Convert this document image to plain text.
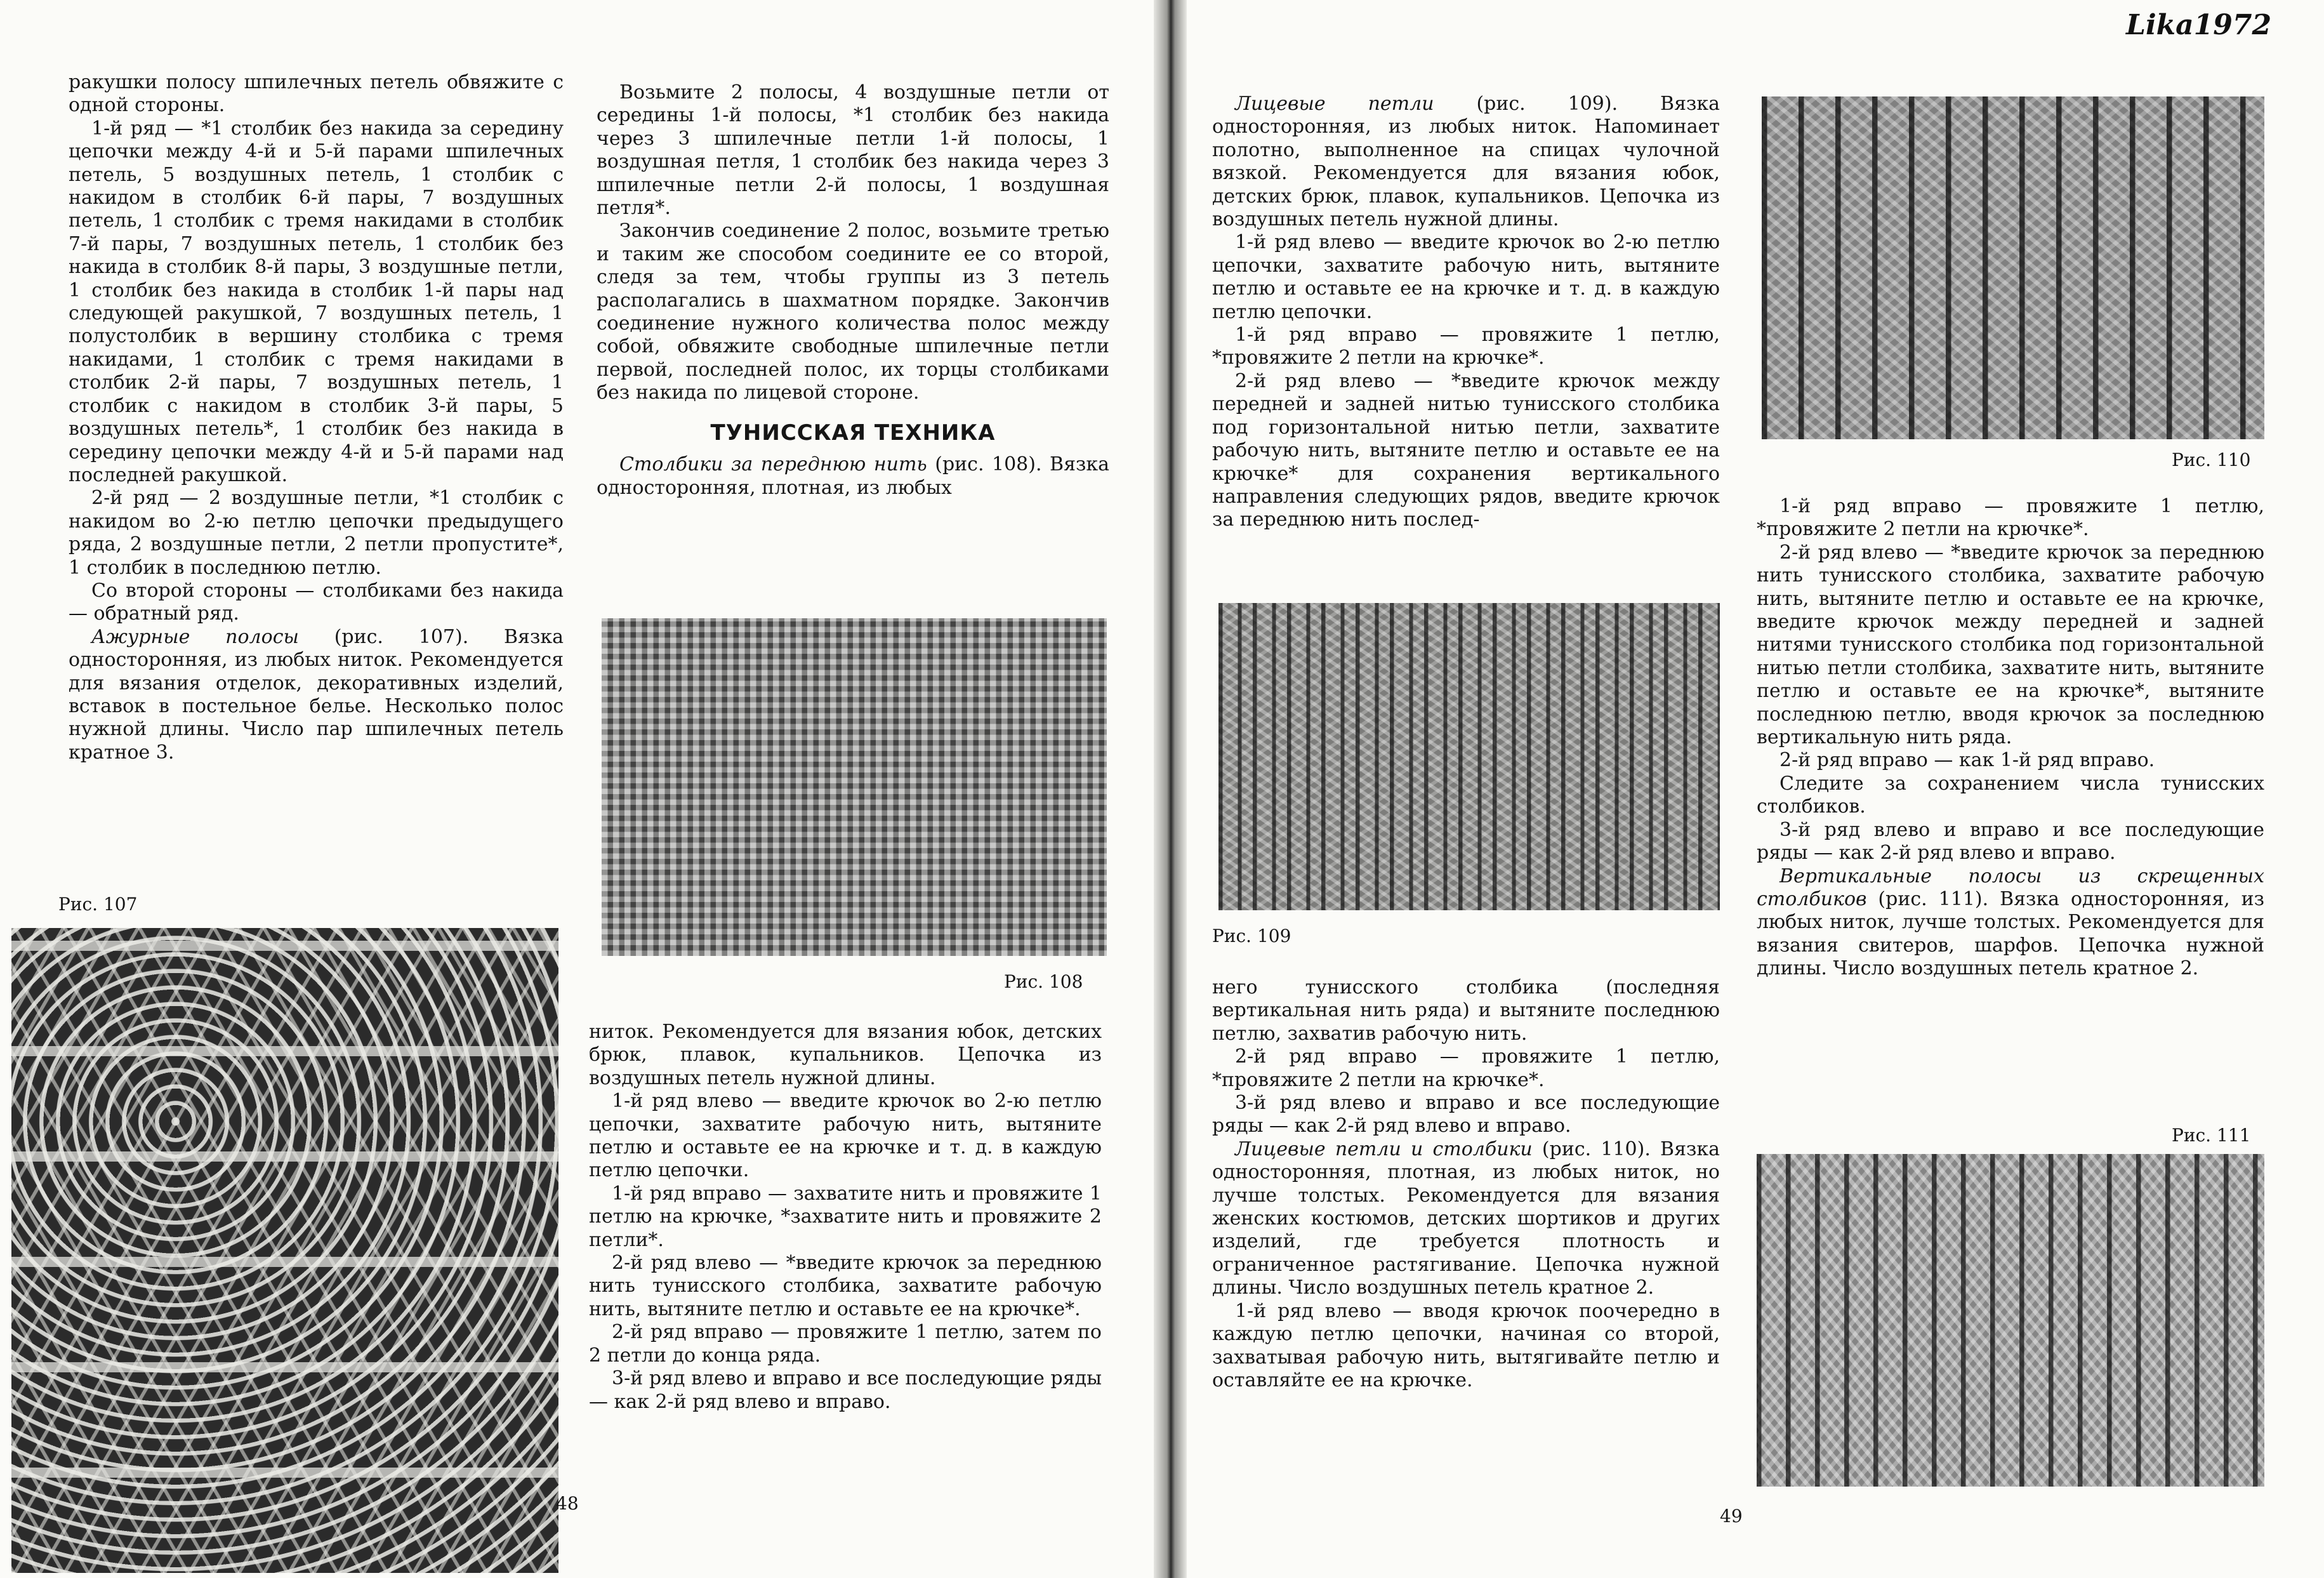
ракушки полосу шпилечных петель обвяжите с одной стороны.

1-й ряд — *1 столбик без накида за середину цепочки между 4-й и 5-й парами шпилечных петель, 5 воздушных петель, 1 столбик с накидом в столбик 6-й пары, 7 воздушных петель, 1 столбик с тремя накидами в столбик 7-й пары, 7 воздушных петель, 1 столбик без накида в столбик 8-й пары, 3 воздушные петли, 1 столбик без накида в столбик 1-й пары над следующей ракушкой, 7 воздушных петель, 1 полустолбик в вершину столбика с тремя накидами, 1 столбик с тремя накидами в столбик 2-й пары, 7 воздушных петель, 1 столбик с накидом в столбик 3-й пары, 5 воздушных петель*, 1 столбик без накида в середину цепочки между 4-й и 5-й парами над последней ракушкой.

2-й ряд — 2 воздушные петли, *1 столбик с накидом во 2-ю петлю цепочки предыдущего ряда, 2 воздушные петли, 2 петли пропустите*, 1 столбик в последнюю петлю.

Со второй стороны — столбиками без накида — обратный ряд.

Ажурные полосы (рис. 107). Вязка односторонняя, из любых ниток. Рекомендуется для вязания отделок, декоративных изделий, вставок в постельное белье. Несколько полос нужной длины. Число пар шпилечных петель кратное 3.

Рис. 107

Возьмите 2 полосы, 4 воздушные петли от середины 1-й полосы, *1 столбик без накида через 3 шпилечные петли 1-й полосы, 1 воздушная петля, 1 столбик без накида через 3 шпилечные петли 2-й полосы, 1 воздушная петля*.

Закончив соединение 2 полос, возьмите третью и таким же способом соедините ее со второй, следя за тем, чтобы группы из 3 петель располагались в шахматном порядке. Закончив соединение нужного количества полос между собой, обвяжите свободные шпилечные петли первой, последней полос, их торцы столбиками без накида по лицевой стороне.

ТУНИССКАЯ ТЕХНИКА

Столбики за переднюю нить (рис. 108). Вязка односторонняя, плотная, из любых

Рис. 108

ниток. Рекомендуется для вязания юбок, детских брюк, плавок, купальников. Цепочка из воздушных петель нужной длины.

1-й ряд влево — введите крючок во 2-ю петлю цепочки, захватите рабочую нить, вытяните петлю и оставьте ее на крючке и т. д. в каждую петлю цепочки.

1-й ряд вправо — захватите нить и провяжите 1 петлю на крючке, *захватите нить и провяжите 2 петли*.

2-й ряд влево — *введите крючок за переднюю нить тунисского столбика, захватите рабочую нить, вытяните петлю и оставьте ее на крючке*.

2-й ряд вправо — провяжите 1 петлю, затем по 2 петли до конца ряда.

3-й ряд влево и вправо и все последующие ряды — как 2-й ряд влево и вправо.

48
Lika1972

Лицевые петли (рис. 109). Вязка односторонняя, из любых ниток. Напоминает полотно, выполненное на спицах чулочной вязкой. Рекомендуется для вязания юбок, детских брюк, плавок, купальников. Цепочка из воздушных петель нужной длины.

1-й ряд влево — введите крючок во 2-ю петлю цепочки, захватите рабочую нить, вытяните петлю и оставьте ее на крючке и т. д. в каждую петлю цепочки.

1-й ряд вправо — провяжите 1 петлю, *провяжите 2 петли на крючке*.

2-й ряд влево — *введите крючок между передней и задней нитью тунисского столбика под горизонтальной нитью петли, захватите рабочую нить, вытяните петлю и оставьте ее на крючке* для сохранения вертикального направления следующих рядов, введите крючок за переднюю нить послед-

Рис. 109

него тунисского столбика (последняя вертикальная нить ряда) и вытяните последнюю петлю, захватив рабочую нить.

2-й ряд вправо — провяжите 1 петлю, *провяжите 2 петли на крючке*.

3-й ряд влево и вправо и все последующие ряды — как 2-й ряд влево и вправо.

Лицевые петли и столбики (рис. 110). Вязка односторонняя, плотная, из любых ниток, но лучше толстых. Рекомендуется для вязания женских костюмов, детских шортиков и других изделий, где требуется плотность и ограниченное растягивание. Цепочка нужной длины. Число воздушных петель кратное 2.

1-й ряд влево — вводя крючок поочередно в каждую петлю цепочки, начиная со второй, захватывая рабочую нить, вытягивайте петлю и оставляйте ее на крючке.

Рис. 110

1-й ряд вправо — провяжите 1 петлю, *провяжите 2 петли на крючке*.

2-й ряд влево — *введите крючок за переднюю нить тунисского столбика, захватите рабочую нить, вытяните петлю и оставьте ее на крючке, введите крючок между передней и задней нитями тунисского столбика под горизонтальной нитью петли столбика, захватите нить, вытяните петлю и оставьте ее на крючке*, вытяните последнюю петлю, вводя крючок за последнюю вертикальную нить ряда.

2-й ряд вправо — как 1-й ряд вправо.

Следите за сохранением числа тунисских столбиков.

3-й ряд влево и вправо и все последующие ряды — как 2-й ряд влево и вправо.

Вертикальные полосы из скрещенных столбиков (рис. 111). Вязка односторонняя, из любых ниток, лучше толстых. Рекомендуется для вязания свитеров, шарфов. Цепочка нужной длины. Число воздушных петель кратное 2.

Рис. 111
49
